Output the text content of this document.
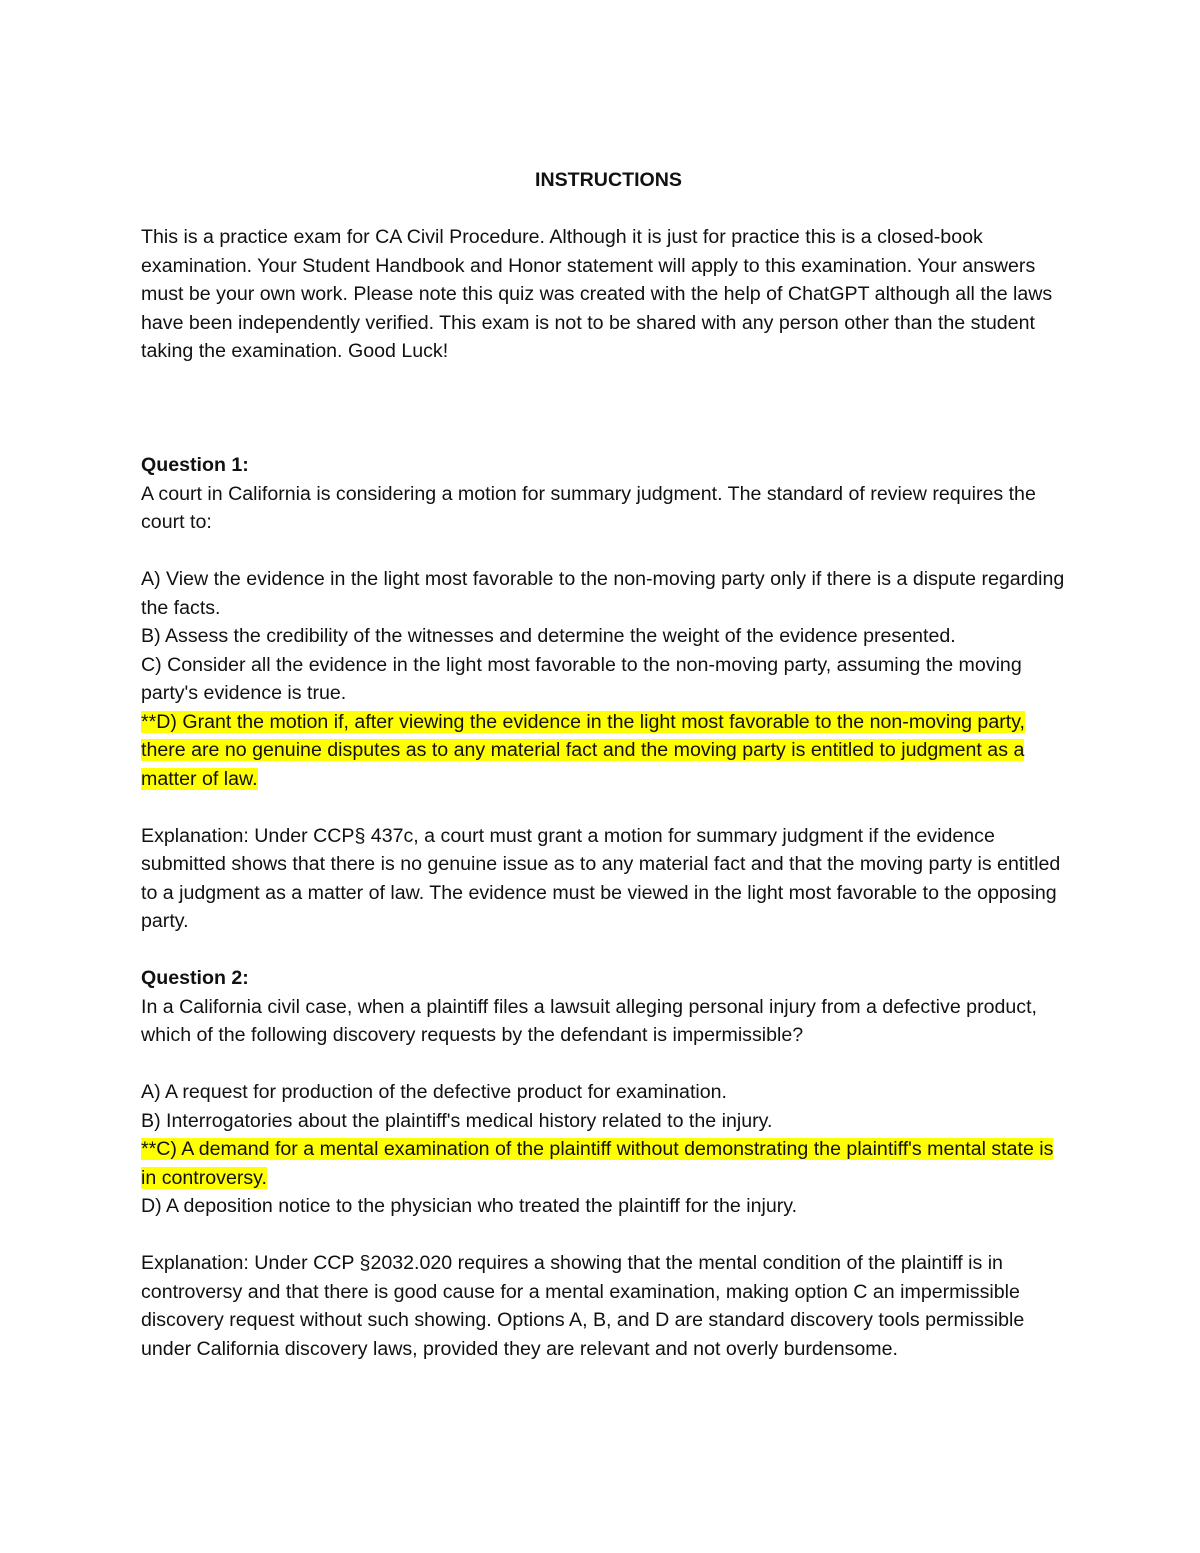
INSTRUCTIONS

This is a practice exam for CA Civil Procedure. Although it is just for practice this is a closed-book examination. Your Student Handbook and Honor statement will apply to this examination. Your answers must be your own work. Please note this quiz was created with the help of ChatGPT although all the laws have been independently verified. This exam is not to be shared with any person other than the student taking the examination. Good Luck!

Question 1:

A court in California is considering a motion for summary judgment. The standard of review requires the court to:

A) View the evidence in the light most favorable to the non-moving party only if there is a dispute regarding the facts.

B) Assess the credibility of the witnesses and determine the weight of the evidence presented.

C) Consider all the evidence in the light most favorable to the non-moving party, assuming the moving party's evidence is true.

**D) Grant the motion if, after viewing the evidence in the light most favorable to the non-moving party, there are no genuine disputes as to any material fact and the moving party is entitled to judgment as a matter of law.

Explanation: Under CCP§ 437c, a court must grant a motion for summary judgment if the evidence submitted shows that there is no genuine issue as to any material fact and that the moving party is entitled to a judgment as a matter of law. The evidence must be viewed in the light most favorable to the opposing party.

Question 2:

In a California civil case, when a plaintiff files a lawsuit alleging personal injury from a defective product, which of the following discovery requests by the defendant is impermissible?

A) A request for production of the defective product for examination.

B) Interrogatories about the plaintiff's medical history related to the injury.

**C) A demand for a mental examination of the plaintiff without demonstrating the plaintiff's mental state is in controversy.

D) A deposition notice to the physician who treated the plaintiff for the injury.

Explanation: Under CCP §2032.020 requires a showing that the mental condition of the plaintiff is in controversy and that there is good cause for a mental examination, making option C an impermissible discovery request without such showing. Options A, B, and D are standard discovery tools permissible under California discovery laws, provided they are relevant and not overly burdensome.
